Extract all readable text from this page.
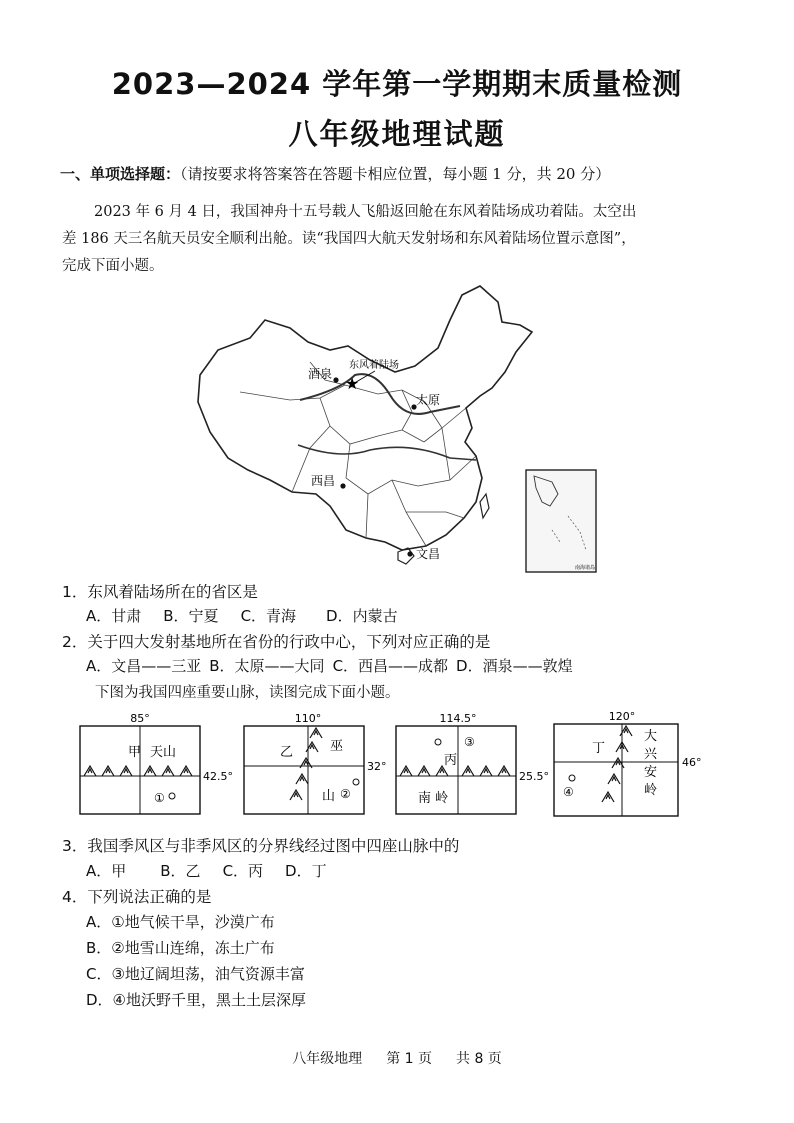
2023—2024 学年第一学期期末质量检测
八年级地理试题
一、单项选择题：（请按要求将答案答在答题卡相应位置，每小题 1 分，共 20 分）
2023 年 6 月 4 日，我国神舟十五号载人飞船返回舱在东风着陆场成功着陆。太空出
差 186 天三名航天员安全顺利出舱。读“我国四大航天发射场和东风着陆场位置示意图”，
完成下面小题。
东风着陆场
★
酒泉
太原
西昌
文昌
南海诸岛
1．东风着陆场所在的省区是
A．甘肃 B．宁夏 C．青海 D．内蒙古
2．关于四大发射基地所在省份的行政中心，下列对应正确的是
A．文昌——三亚 B．太原——大同 C．西昌——成都 D．酒泉——敦煌
下图为我国四座重要山脉，读图完成下面小题。
85°
甲 天山
①
42.5°
110°
乙	巫
山 ②
32°
114.5°
③
丙
南 岭
25.5°
120°
丁
大
兴
安
岭
④
46°
3．我国季风区与非季风区的分界线经过图中四座山脉中的
A．甲 B．乙 C．丙 D．丁
4．下列说法正确的是
A．①地气候干旱，沙漠广布
B．②地雪山连绵，冻土广布
C．③地辽阔坦荡，油气资源丰富
D．④地沃野千里，黑土土层深厚
八年级地理 第 1 页 共 8 页
